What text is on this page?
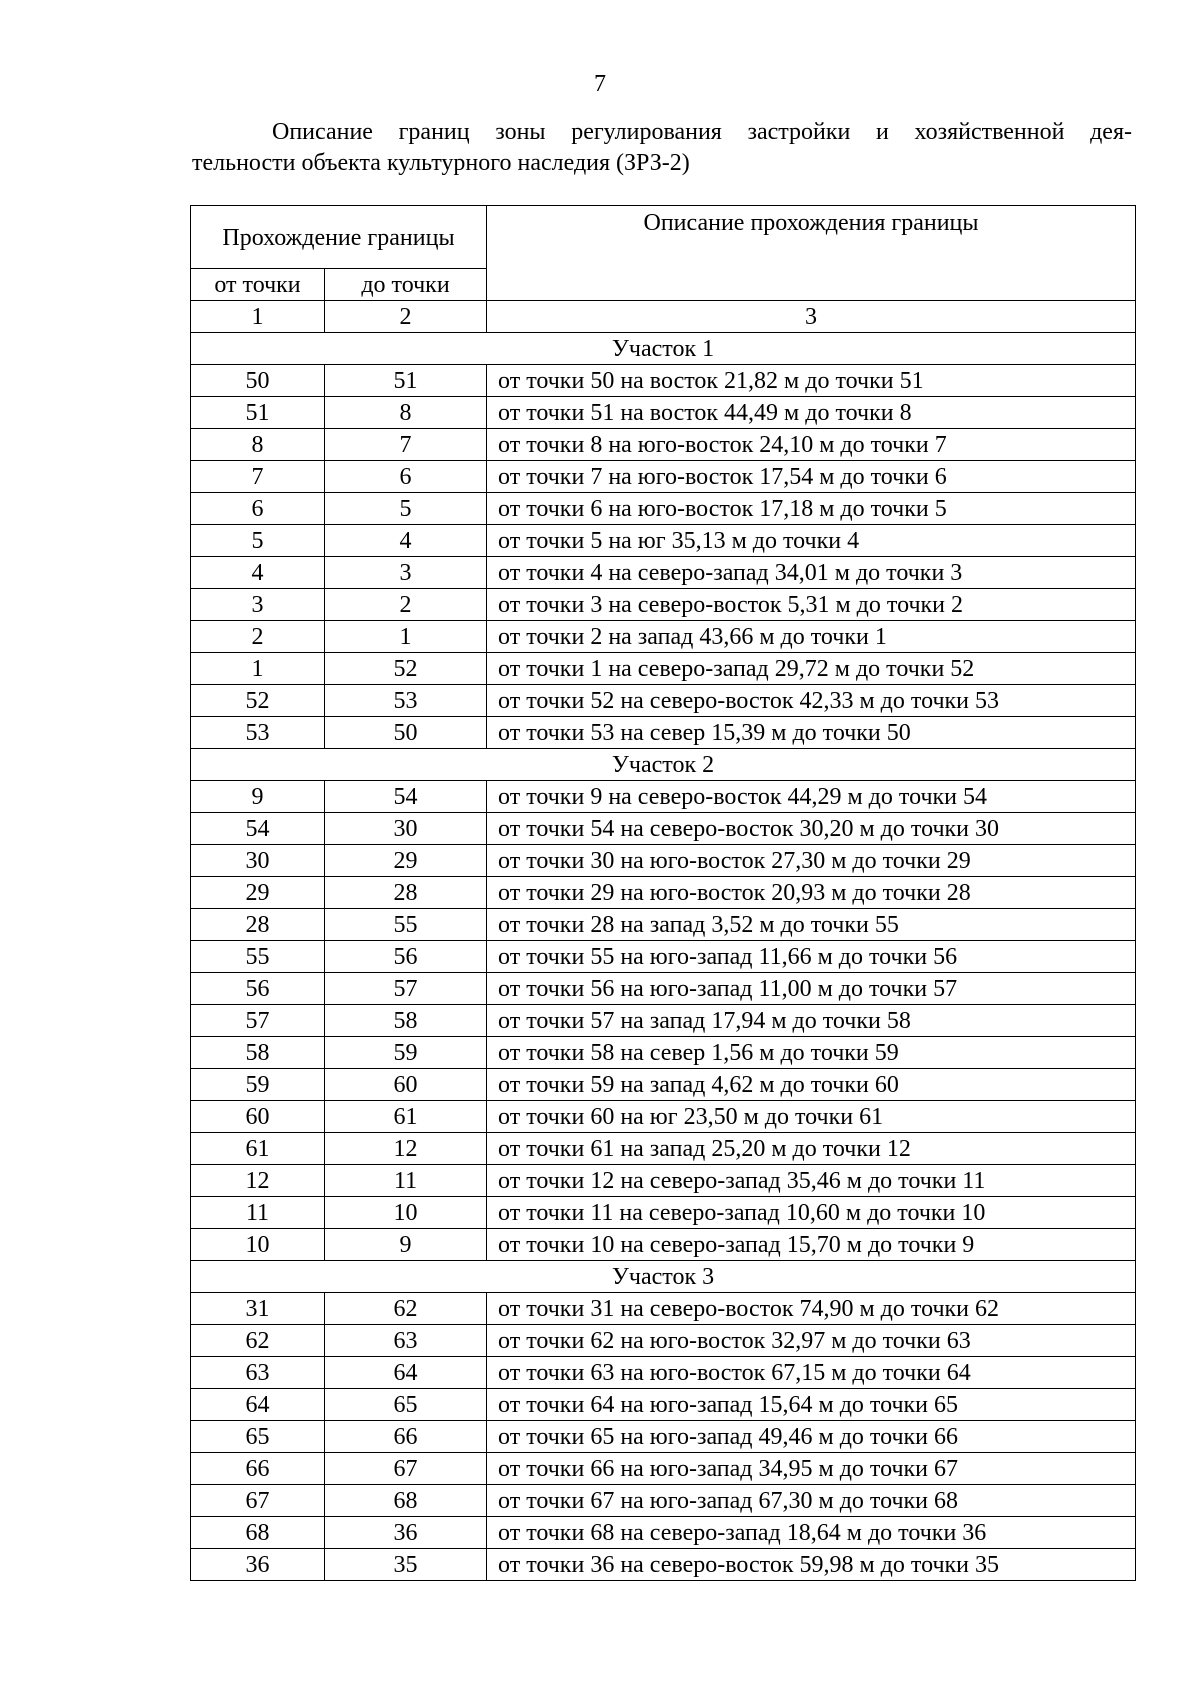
7
Описание границ зоны регулирования застройки и хозяйственной дея-
тельности объекта культурного наследия (ЗРЗ-2)
Прохождение границы		Описание прохождения границы
от точки	до точки	
1	2	3
Участок 1		
50	51	от точки 50 на восток 21,82 м до точки 51
51	8	от точки 51 на восток 44,49 м до точки 8
8	7	от точки 8 на юго-восток 24,10 м до точки 7
7	6	от точки 7 на юго-восток 17,54 м до точки 6
6	5	от точки 6 на юго-восток 17,18 м до точки 5
5	4	от точки 5 на юг 35,13 м до точки 4
4	3	от точки 4 на северо-запад 34,01 м до точки 3
3	2	от точки 3 на северо-восток 5,31 м до точки 2
2	1	от точки 2 на запад 43,66 м до точки 1
1	52	от точки 1 на северо-запад 29,72 м до точки 52
52	53	от точки 52 на северо-восток 42,33 м до точки 53
53	50	от точки 53 на север 15,39 м до точки 50
Участок 2		
9	54	от точки 9 на северо-восток 44,29 м до точки 54
54	30	от точки 54 на северо-восток 30,20 м до точки 30
30	29	от точки 30 на юго-восток 27,30 м до точки 29
29	28	от точки 29 на юго-восток 20,93 м до точки 28
28	55	от точки 28 на запад 3,52 м до точки 55
55	56	от точки 55 на юго-запад 11,66 м до точки 56
56	57	от точки 56 на юго-запад 11,00 м до точки 57
57	58	от точки 57 на запад 17,94 м до точки 58
58	59	от точки 58 на север 1,56 м до точки 59
59	60	от точки 59 на запад 4,62 м до точки 60
60	61	от точки 60 на юг 23,50 м до точки 61
61	12	от точки 61 на запад 25,20 м до точки 12
12	11	от точки 12 на северо-запад 35,46 м до точки 11
11	10	от точки 11 на северо-запад 10,60 м до точки 10
10	9	от точки 10 на северо-запад 15,70 м до точки 9
Участок 3		
31	62	от точки 31 на северо-восток 74,90 м до точки 62
62	63	от точки 62 на юго-восток 32,97 м до точки 63
63	64	от точки 63 на юго-восток 67,15 м до точки 64
64	65	от точки 64 на юго-запад 15,64 м до точки 65
65	66	от точки 65 на юго-запад 49,46 м до точки 66
66	67	от точки 66 на юго-запад 34,95 м до точки 67
67	68	от точки 67 на юго-запад 67,30 м до точки 68
68	36	от точки 68 на северо-запад 18,64 м до точки 36
36	35	от точки 36 на северо-восток 59,98 м до точки 35
